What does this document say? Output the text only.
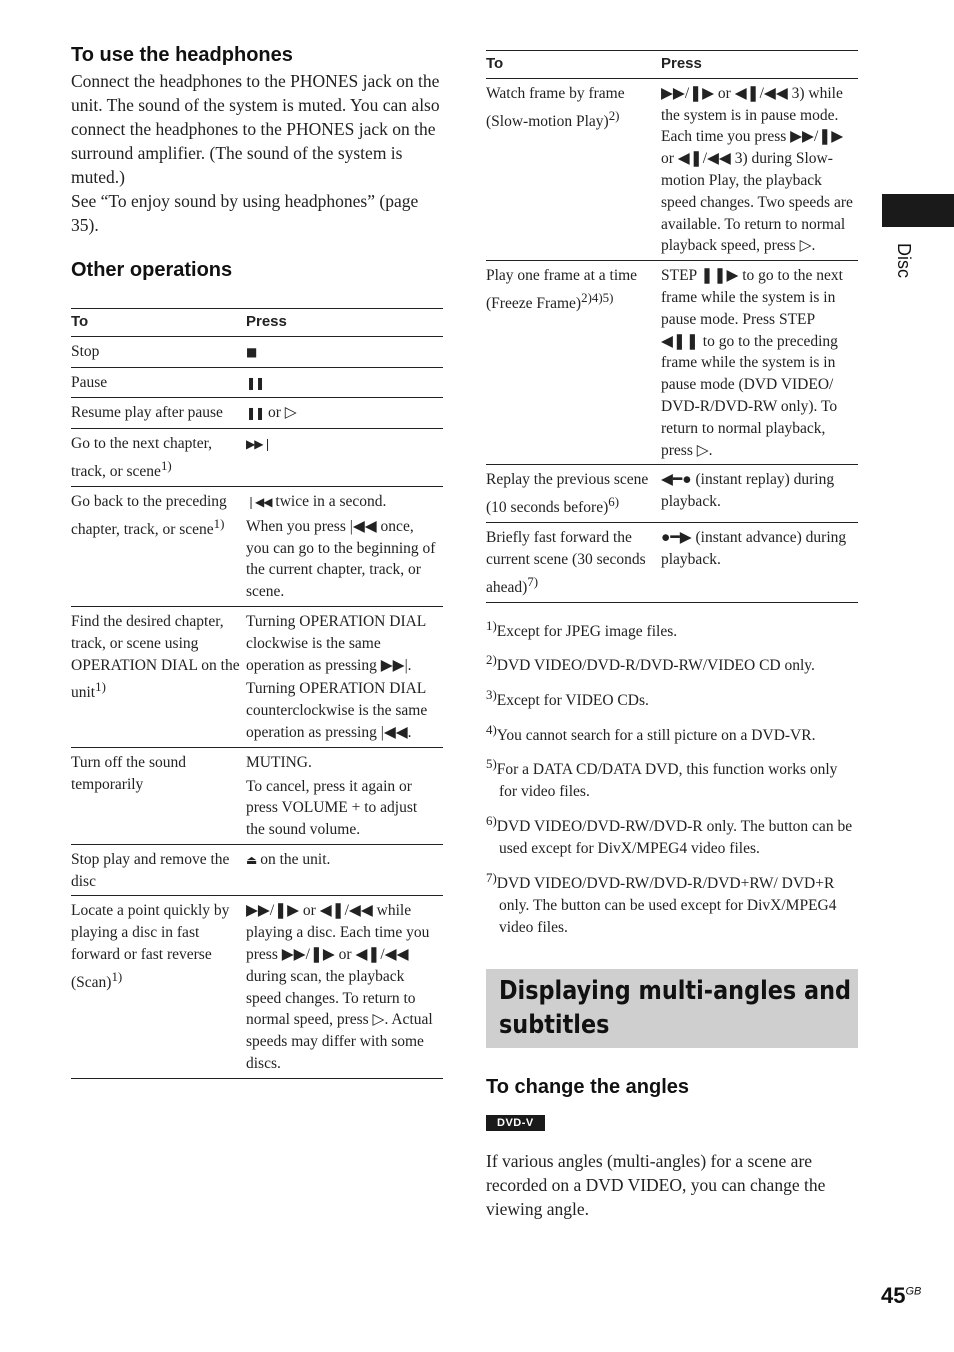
To use the headphones

Connect the headphones to the PHONES jack on the unit. The sound of the system is muted. You can also connect the headphones to the PHONES jack on the surround amplifier. (The sound of the system is muted.)

See “To enjoy sound by using headphones” (page 35).

Other operations
To	Press
Stop	■
Pause	❚❚
Resume play after pause	❚❚ or ▷
Go to the next chapter, track, or scene$^{1)}$	▶▶❘
Go back to the preceding chapter, track, or scene$^{1)}$	❘◀◀ twice in a second.
When you press |◀◀ once, you can go to the beginning of the current chapter, track, or scene.

Find the desired chapter, track, or scene using OPERATION DIAL on the unit$^{1)}$	Turning OPERATION DIAL clockwise is the same operation as pressing ▶▶|.
Turning OPERATION DIAL counterclockwise is the same operation as pressing |◀◀.

Turn off the sound temporarily	MUTING.
To cancel, press it again or press VOLUME + to adjust the sound volume.

Stop play and remove the disc	⏏ on the unit.
Locate a point quickly by playing a disc in fast forward or fast reverse (Scan)$^{1)}$	▶▶/❚▶ or ◀❚/◀◀ while playing a disc. Each time you press ▶▶/❚▶ or ◀❚/◀◀ during scan, the playback speed changes. To return to normal speed, press ▷. Actual speeds may differ with some discs.
To	Press
Watch frame by frame (Slow-motion Play)$^{2)}$	▶▶/❚▶ or ◀❚/◀◀ 3) while the system is in pause mode. Each time you press ▶▶/❚▶ or ◀❚/◀◀ 3) during Slow-motion Play, the playback speed changes. Two speeds are available. To return to normal playback speed, press ▷.
Play one frame at a time (Freeze Frame)$^{2)4)5)}$	STEP ❚❚▶ to go to the next frame while the system is in pause mode. Press STEP ◀❚❚ to go to the preceding frame while the system is in pause mode (DVD VIDEO/ DVD-R/DVD-RW only). To return to normal playback, press ▷.
Replay the previous scene (10 seconds before)$^{6)}$	◀━● (instant replay) during playback.
Briefly fast forward the current scene (30 seconds ahead)$^{7)}$	●━▶ (instant advance) during playback.

$^{1)}$Except for JPEG image files.

$^{2)}$DVD VIDEO/DVD-R/DVD-RW/VIDEO CD only.

$^{3)}$Except for VIDEO CDs.

$^{4)}$You cannot search for a still picture on a DVD-VR.

$^{5)}$For a DATA CD/DATA DVD, this function works only for video files.

$^{6)}$DVD VIDEO/DVD-RW/DVD-R only. The button can be used except for DivX/MPEG4 video files.

$^{7)}$DVD VIDEO/DVD-RW/DVD-R/DVD+RW/ DVD+R only. The button can be used except for DivX/MPEG4 video files.

Displaying multi-angles and subtitles
To change the angles
DVD-V

If various angles (multi-angles) for a scene are recorded on a DVD VIDEO, you can change the viewing angle.

Disc
$45^{GB}$
